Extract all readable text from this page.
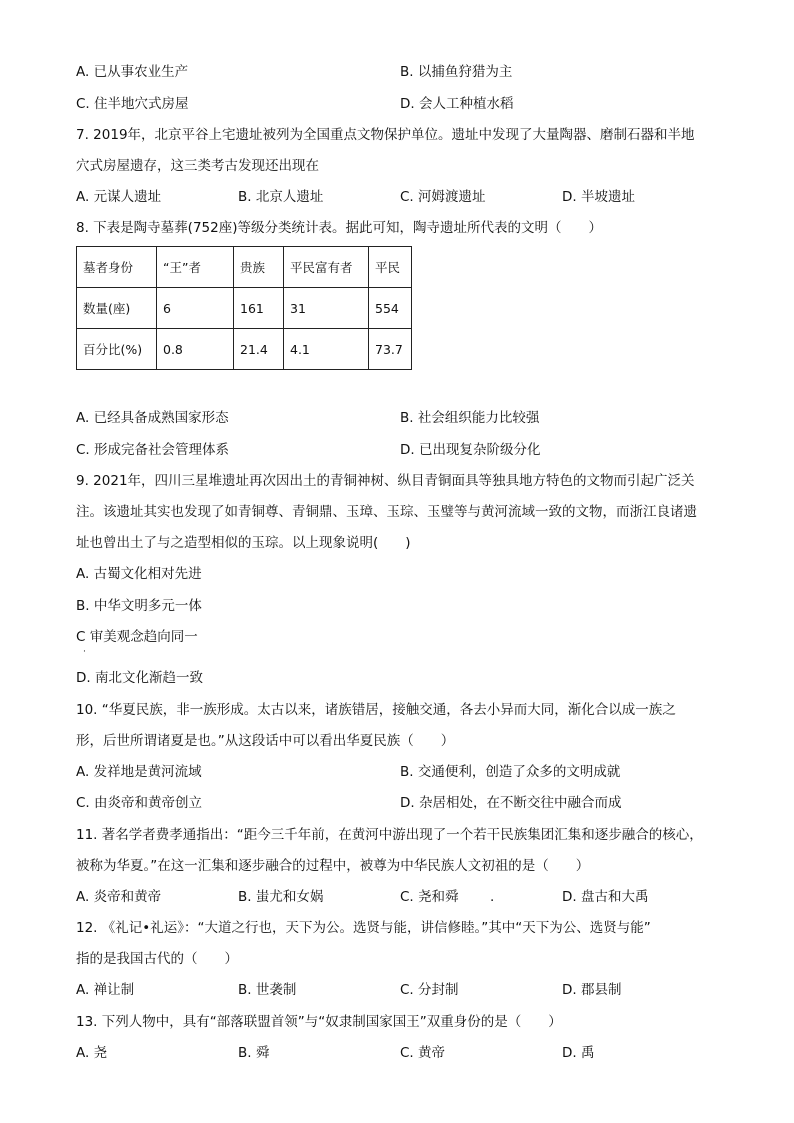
A. 已从事农业生产	B. 以捕鱼狩猎为主
C. 住半地穴式房屋	D. 会人工种植水稻
7. 2019年，北京平谷上宅遗址被列为全国重点文物保护单位。遗址中发现了大量陶器、磨制石器和半地
穴式房屋遗存，这三类考古发现还出现在
A. 元谋人遗址	B. 北京人遗址	C. 河姆渡遗址	D. 半坡遗址
8. 下表是陶寺墓葬(752座)等级分类统计表。据此可知，陶寺遗址所代表的文明（　　）
墓者身份	“王”者	贵族	平民富有者	平民
数量(座)	6	161	31	554
百分比(%)	0.8	21.4	4.1	73.7
A. 已经具备成熟国家形态	B. 社会组织能力比较强
C. 形成完备社会管理体系	D. 已出现复杂阶级分化
9. 2021年，四川三星堆遗址再次因出土的青铜神树、纵目青铜面具等独具地方特色的文物而引起广泛关
注。该遗址其实也发现了如青铜尊、青铜鼎、玉璋、玉琮、玉璧等与黄河流域一致的文物，而浙江良诸遗
址也曾出土了与之造型相似的玉琮。以上现象说明(　　)
A. 古蜀文化相对先进
B. 中华文明多元一体
C 审美观念趋向同一
·
D. 南北文化渐趋一致
10. “华夏民族，非一族形成。太古以来，诸族错居，接触交通，各去小异而大同，渐化合以成一族之
形，后世所谓诸夏是也。”从这段话中可以看出华夏民族（　　）
A. 发祥地是黄河流域	B. 交通便利，创造了众多的文明成就
C. 由炎帝和黄帝创立	D. 杂居相处，在不断交往中融合而成
11. 著名学者费孝通指出：“距今三千年前，在黄河中游出现了一个若干民族集团汇集和逐步融合的核心，
被称为华夏。”在这一汇集和逐步融合的过程中，被尊为中华民族人文初祖的是（　　）
A. 炎帝和黄帝	B. 蚩尤和女娲	C. 尧和舜 .	D. 盘古和大禹
12. 《礼记•礼运》：“大道之行也，天下为公。选贤与能，讲信修睦。”其中“天下为公、选贤与能”
指的是我国古代的（　　）
A. 禅让制	B. 世袭制	C. 分封制	D. 郡县制
13. 下列人物中，具有“部落联盟首领”与“奴隶制国家国王”双重身份的是（　　）
A. 尧	B. 舜	C. 黄帝	D. 禹
